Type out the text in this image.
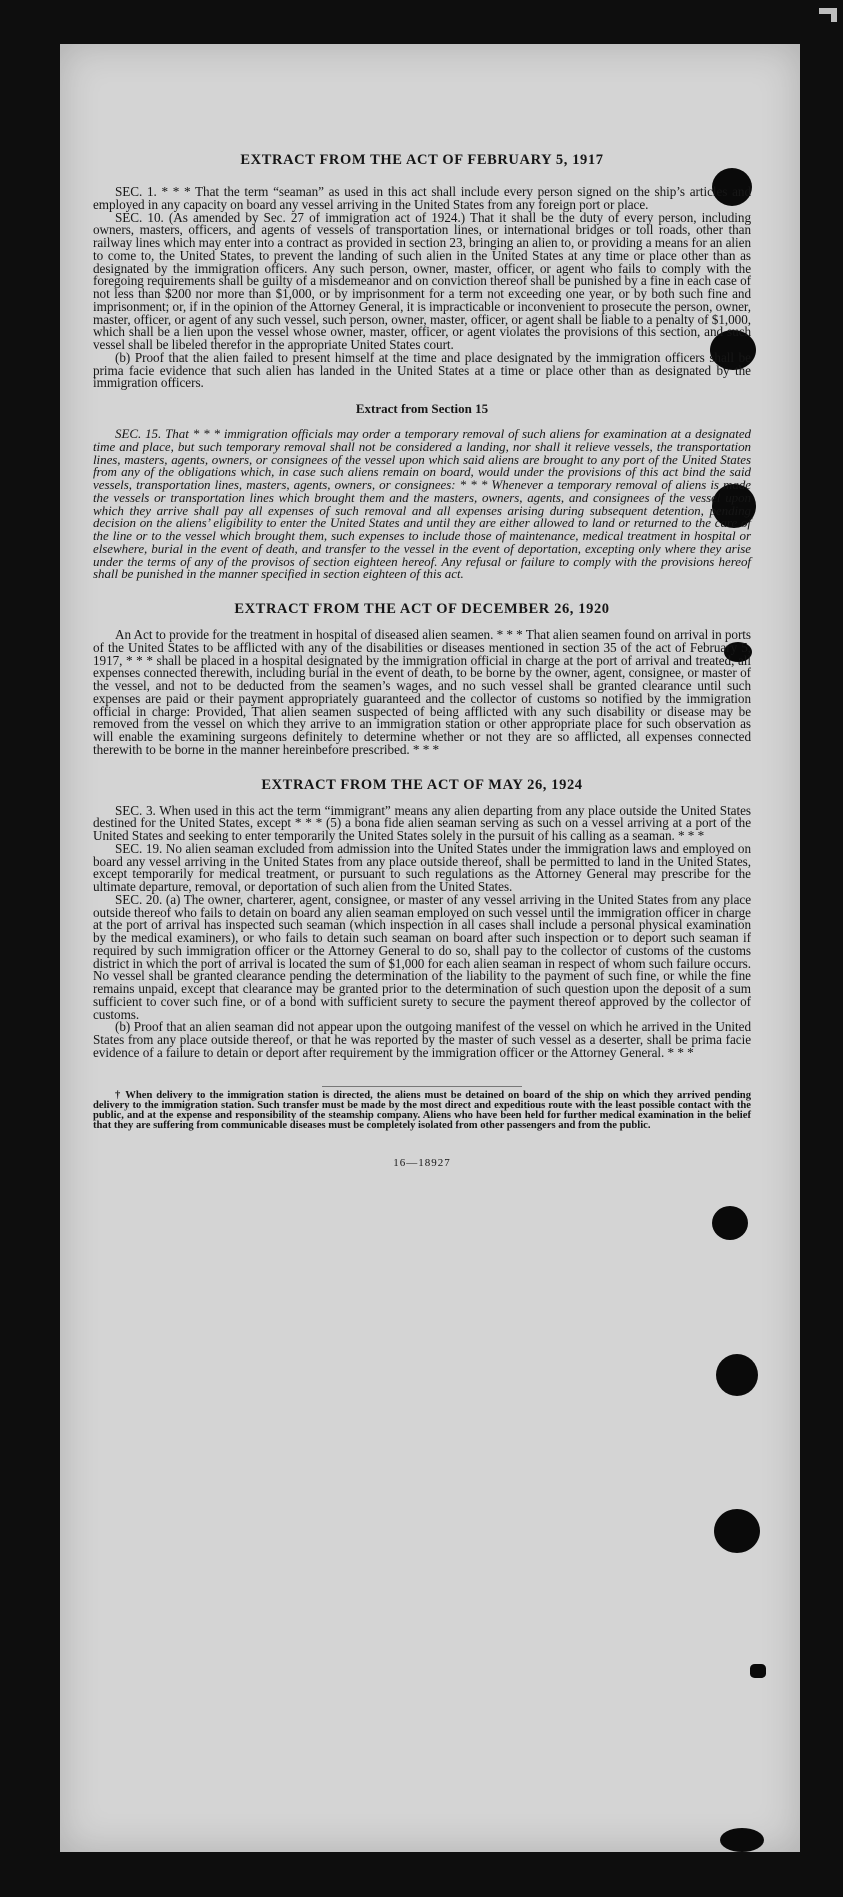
EXTRACT FROM THE ACT OF FEBRUARY 5, 1917

SEC. 1. * * * That the term “seaman” as used in this act shall include every person signed on the ship’s articles and employed in any capacity on board any vessel arriving in the United States from any foreign port or place.

SEC. 10. (As amended by Sec. 27 of immigration act of 1924.) That it shall be the duty of every person, including owners, masters, officers, and agents of vessels of transportation lines, or international bridges or toll roads, other than railway lines which may enter into a contract as provided in section 23, bringing an alien to, or providing a means for an alien to come to, the United States, to prevent the landing of such alien in the United States at any time or place other than as designated by the immigration officers. Any such person, owner, master, officer, or agent who fails to comply with the foregoing requirements shall be guilty of a misdemeanor and on conviction thereof shall be punished by a fine in each case of not less than $200 nor more than $1,000, or by imprisonment for a term not exceeding one year, or by both such fine and imprisonment; or, if in the opinion of the Attorney General, it is impracticable or inconvenient to prosecute the person, owner, master, officer, or agent of any such vessel, such person, owner, master, officer, or agent shall be liable to a penalty of $1,000, which shall be a lien upon the vessel whose owner, master, officer, or agent violates the provisions of this section, and such vessel shall be libeled therefor in the appropriate United States court.

(b) Proof that the alien failed to present himself at the time and place designated by the immigration officers shall be prima facie evidence that such alien has landed in the United States at a time or place other than as designated by the immigration officers.

Extract from Section 15

SEC. 15. That * * * immigration officials may order a temporary removal of such aliens for examination at a designated time and place, but such temporary removal shall not be considered a landing, nor shall it relieve vessels, the transportation lines, masters, agents, owners, or consignees of the vessel upon which said aliens are brought to any port of the United States from any of the obligations which, in case such aliens remain on board, would under the provisions of this act bind the said vessels, transportation lines, masters, agents, owners, or consignees: * * * Whenever a temporary removal of aliens is made the vessels or transportation lines which brought them and the masters, owners, agents, and consignees of the vessel upon which they arrive shall pay all expenses of such removal and all expenses arising during subsequent detention, pending decision on the aliens’ eligibility to enter the United States and until they are either allowed to land or returned to the care of the line or to the vessel which brought them, such expenses to include those of maintenance, medical treatment in hospital or elsewhere, burial in the event of death, and transfer to the vessel in the event of deportation, excepting only where they arise under the terms of any of the provisos of section eighteen hereof. Any refusal or failure to comply with the provisions hereof shall be punished in the manner specified in section eighteen of this act.

EXTRACT FROM THE ACT OF DECEMBER 26, 1920

An Act to provide for the treatment in hospital of diseased alien seamen. * * * That alien seamen found on arrival in ports of the United States to be afflicted with any of the disabilities or diseases mentioned in section 35 of the act of February 5, 1917, * * * shall be placed in a hospital designated by the immigration official in charge at the port of arrival and treated, all expenses connected therewith, including burial in the event of death, to be borne by the owner, agent, consignee, or master of the vessel, and not to be deducted from the seamen’s wages, and no such vessel shall be granted clearance until such expenses are paid or their payment appropriately guaranteed and the collector of customs so notified by the immigration official in charge: Provided, That alien seamen suspected of being afflicted with any such disability or disease may be removed from the vessel on which they arrive to an immigration station or other appropriate place for such observation as will enable the examining surgeons definitely to determine whether or not they are so afflicted, all expenses connected therewith to be borne in the manner hereinbefore prescribed. * * *

EXTRACT FROM THE ACT OF MAY 26, 1924

SEC. 3. When used in this act the term “immigrant” means any alien departing from any place outside the United States destined for the United States, except * * * (5) a bona fide alien seaman serving as such on a vessel arriving at a port of the United States and seeking to enter temporarily the United States solely in the pursuit of his calling as a seaman. * * *

SEC. 19. No alien seaman excluded from admission into the United States under the immigration laws and employed on board any vessel arriving in the United States from any place outside thereof, shall be permitted to land in the United States, except temporarily for medical treatment, or pursuant to such regulations as the Attorney General may prescribe for the ultimate departure, removal, or deportation of such alien from the United States.

SEC. 20. (a) The owner, charterer, agent, consignee, or master of any vessel arriving in the United States from any place outside thereof who fails to detain on board any alien seaman employed on such vessel until the immigration officer in charge at the port of arrival has inspected such seaman (which inspection in all cases shall include a personal physical examination by the medical examiners), or who fails to detain such seaman on board after such inspection or to deport such seaman if required by such immigration officer or the Attorney General to do so, shall pay to the collector of customs of the customs district in which the port of arrival is located the sum of $1,000 for each alien seaman in respect of whom such failure occurs. No vessel shall be granted clearance pending the determination of the liability to the payment of such fine, or while the fine remains unpaid, except that clearance may be granted prior to the determination of such question upon the deposit of a sum sufficient to cover such fine, or of a bond with sufficient surety to secure the payment thereof approved by the collector of customs.

(b) Proof that an alien seaman did not appear upon the outgoing manifest of the vessel on which he arrived in the United States from any place outside thereof, or that he was reported by the master of such vessel as a deserter, shall be prima facie evidence of a failure to detain or deport after requirement by the immigration officer or the Attorney General. * * *

† When delivery to the immigration station is directed, the aliens must be detained on board of the ship on which they arrived pending delivery to the immigration station. Such transfer must be made by the most direct and expeditious route with the least possible contact with the public, and at the expense and responsibility of the steamship company. Aliens who have been held for further medical examination in the belief that they are suffering from communicable diseases must be completely isolated from other passengers and from the public.

16—18927
